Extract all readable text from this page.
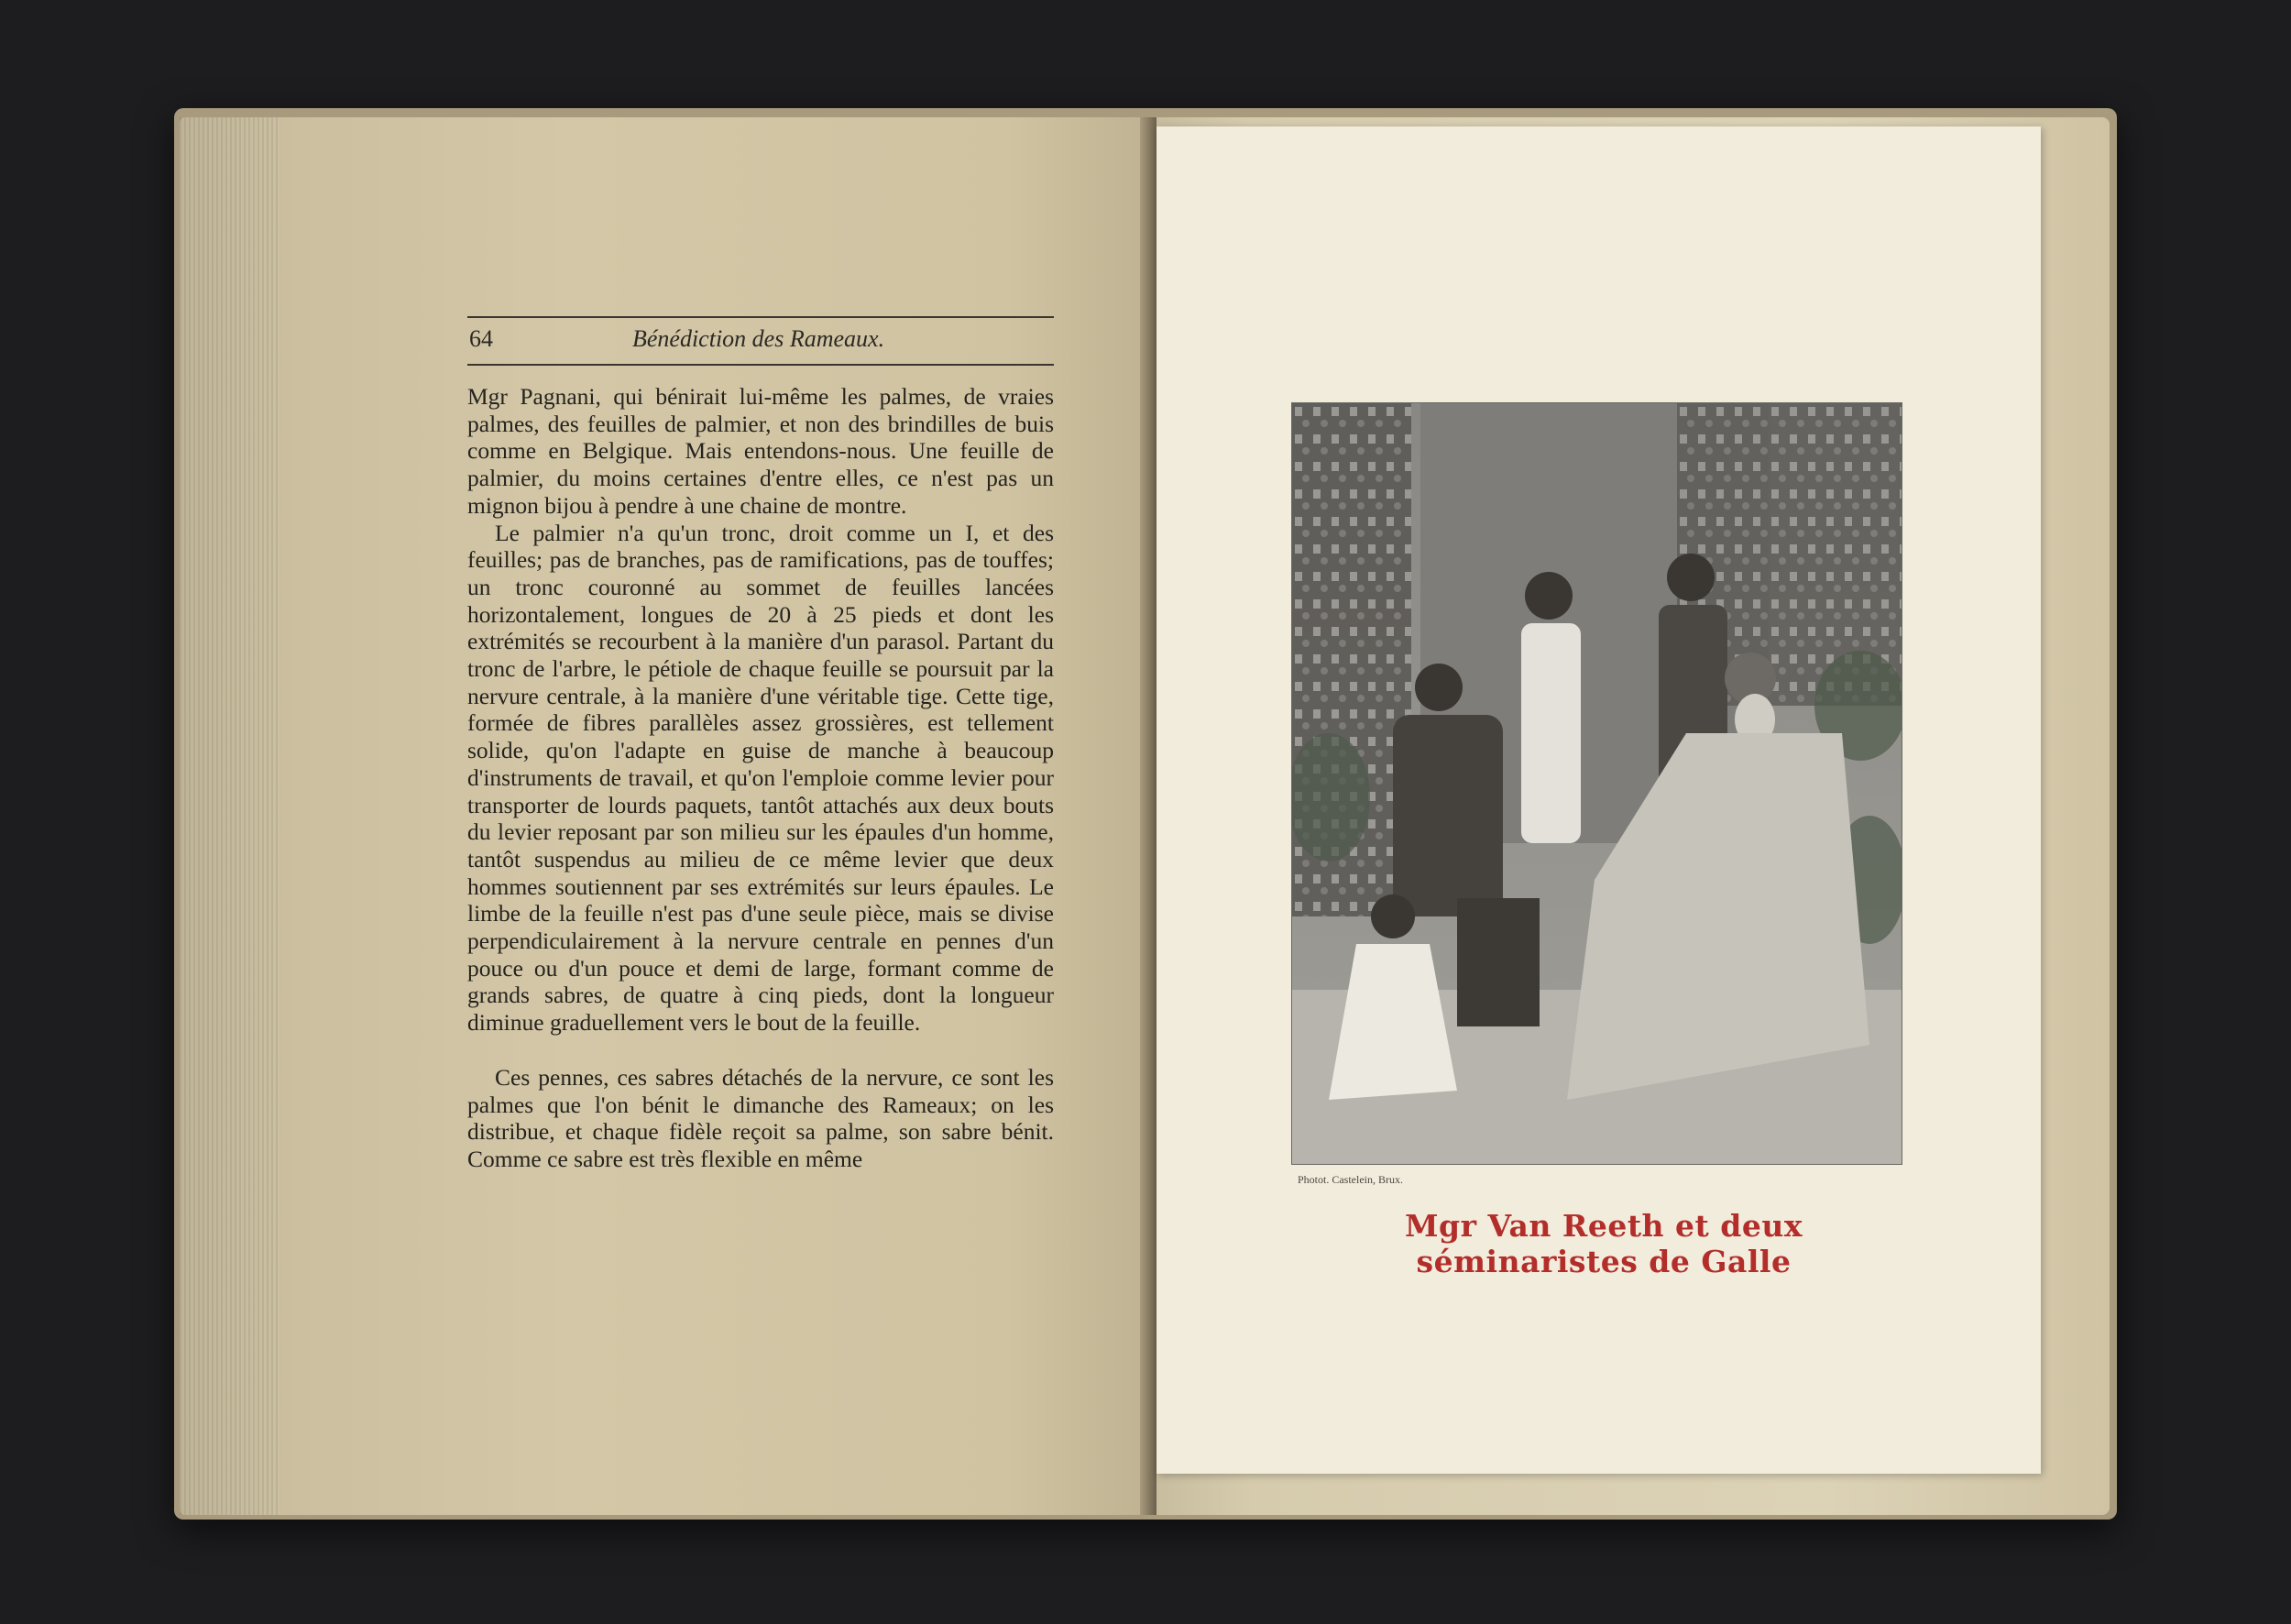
64	Bénédiction des Rameaux.

Mgr Pagnani, qui bénirait lui-même les palmes, de vraies palmes, des feuilles de palmier, et non des brindilles de buis comme en Belgique. Mais entendons-nous. Une feuille de palmier, du moins certaines d'entre elles, ce n'est pas un mignon bijou à pendre à une chaine de montre.

Le palmier n'a qu'un tronc, droit comme un I, et des feuilles; pas de branches, pas de ramifications, pas de touffes; un tronc couronné au sommet de feuilles lancées horizontalement, longues de 20 à 25 pieds et dont les extrémités se recourbent à la manière d'un parasol. Partant du tronc de l'arbre, le pétiole de chaque feuille se poursuit par la nervure centrale, à la manière d'une véritable tige. Cette tige, formée de fibres parallèles assez grossières, est tellement solide, qu'on l'adapte en guise de manche à beaucoup d'instruments de travail, et qu'on l'emploie comme levier pour transporter de lourds paquets, tantôt attachés aux deux bouts du levier reposant par son milieu sur les épaules d'un homme, tantôt suspendus au milieu de ce même levier que deux hommes soutiennent par ses extrémités sur leurs épaules. Le limbe de la feuille n'est pas d'une seule pièce, mais se divise perpendiculairement à la nervure centrale en pennes d'un pouce ou d'un pouce et demi de large, formant comme de grands sabres, de quatre à cinq pieds, dont la longueur diminue graduellement vers le bout de la feuille.

Ces pennes, ces sabres détachés de la nervure, ce sont les palmes que l'on bénit le dimanche des Rameaux; on les distribue, et chaque fidèle reçoit sa palme, son sabre bénit. Comme ce sabre est très flexible en même

Photot. Castelein, Brux.
Mgr Van Reeth et deux séminaristes de Galle
